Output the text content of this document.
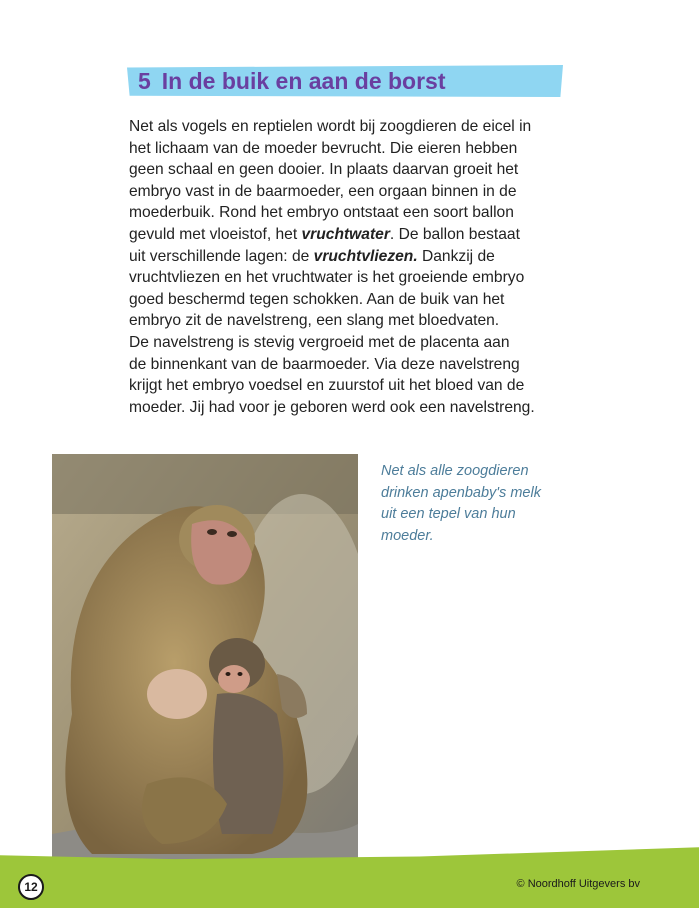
5 In de buik en aan de borst

Net als vogels en reptielen wordt bij zoogdieren de eicel in

het lichaam van de moeder bevrucht. Die eieren hebben

geen schaal en geen dooier. In plaats daarvan groeit het

embryo vast in de baarmoeder, een orgaan binnen in de

moederbuik. Rond het embryo ontstaat een soort ballon

gevuld met vloeistof, het vruchtwater. De ballon bestaat

uit verschillende lagen: de vruchtvliezen. Dankzij de

vruchtvliezen en het vruchtwater is het groeiende embryo

goed beschermd tegen schokken. Aan de buik van het

embryo zit de navelstreng, een slang met bloedvaten.

De navelstreng is stevig vergroeid met de placenta aan

de binnenkant van de baarmoeder. Via deze navelstreng

krijgt het embryo voedsel en zuurstof uit het bloed van de

moeder. Jij had voor je geboren werd ook een navelstreng.

Net als alle zoogdieren
drinken apenbaby's melk
uit een tepel van hun
moeder.
12	© Noordhoff Uitgevers bv
